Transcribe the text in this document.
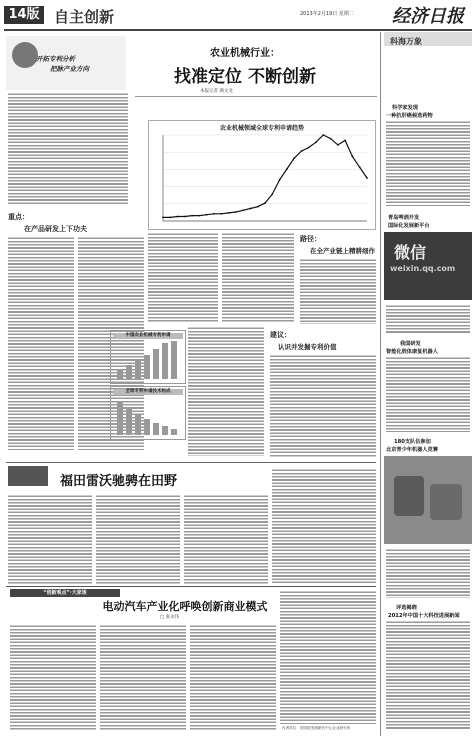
14版 自主创新	2013年2月19日 星期二 经济日报
开拓专利分析
把脉产业方向
农业机械行业：
找准定位 不断创新
本报记者 满文龙
农业机械领域全球专利申请趋势
重点：
在产品研发上下功夫
路径：
在全产业链上精耕细作
中国农业机械专利申请
全球专利申请技术构成
建议：
认识并发掘专利价值
福田雷沃驰骋在田野
“创新观点”·大家谈
电动汽车产业化呼唤创新商业模式
□ 张永伟
作者单位：国务院发展研究中心企业研究所
科海万象
科学家发现
一种抗肝癌候选药物
青岛啤酒开发
国际化发展新平台
微信
weixin.qq.com
我国研发
智能化肢体康复机器人
180支队伍参加
北京青少年机器人竞赛
评选揭晓
2012年中国十大科技进展新闻
